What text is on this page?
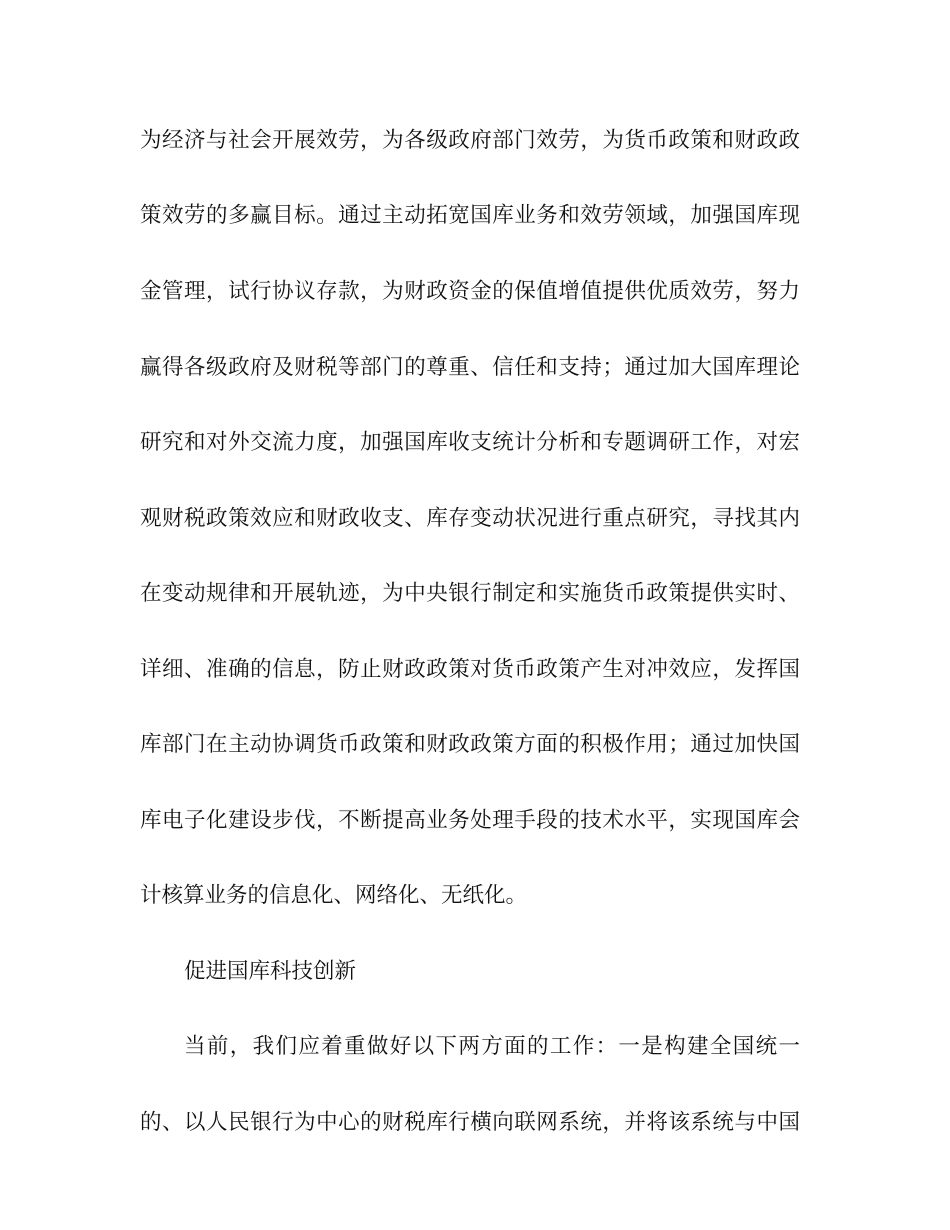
为经济与社会开展效劳，为各级政府部门效劳，为货币政策和财政政

策效劳的多赢目标。通过主动拓宽国库业务和效劳领域，加强国库现

金管理，试行协议存款，为财政资金的保值增值提供优质效劳，努力

赢得各级政府及财税等部门的尊重、信任和支持；通过加大国库理论

研究和对外交流力度，加强国库收支统计分析和专题调研工作，对宏

观财税政策效应和财政收支、库存变动状况进行重点研究，寻找其内

在变动规律和开展轨迹，为中央银行制定和实施货币政策提供实时、

详细、准确的信息，防止财政政策对货币政策产生对冲效应，发挥国

库部门在主动协调货币政策和财政政策方面的积极作用；通过加快国

库电子化建设步伐，不断提高业务处理手段的技术水平，实现国库会

计核算业务的信息化、网络化、无纸化。

促进国库科技创新

当前，我们应着重做好以下两方面的工作：一是构建全国统一

的、以人民银行为中心的财税库行横向联网系统，并将该系统与中国
